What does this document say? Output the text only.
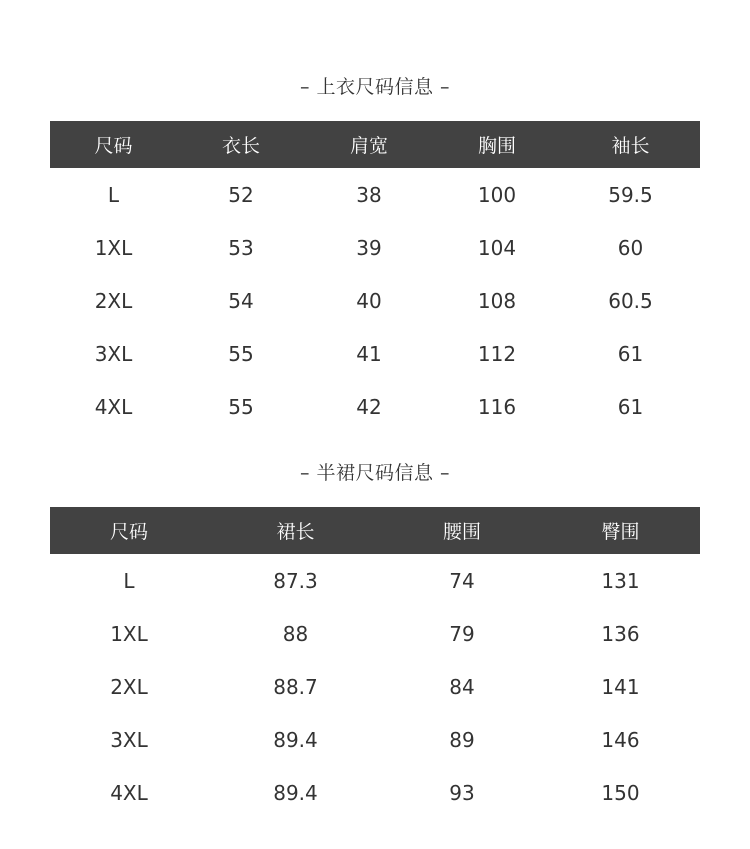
– 上衣尺码信息 –
尺码	衣长	肩宽	胸围	袖长
L	52	38	100	59.5
1XL	53	39	104	60
2XL	54	40	108	60.5
3XL	55	41	112	61
4XL	55	42	116	61
– 半裙尺码信息 –
尺码	裙长	腰围	臀围
L	87.3	74	131
1XL	88	79	136
2XL	88.7	84	141
3XL	89.4	89	146
4XL	89.4	93	150
